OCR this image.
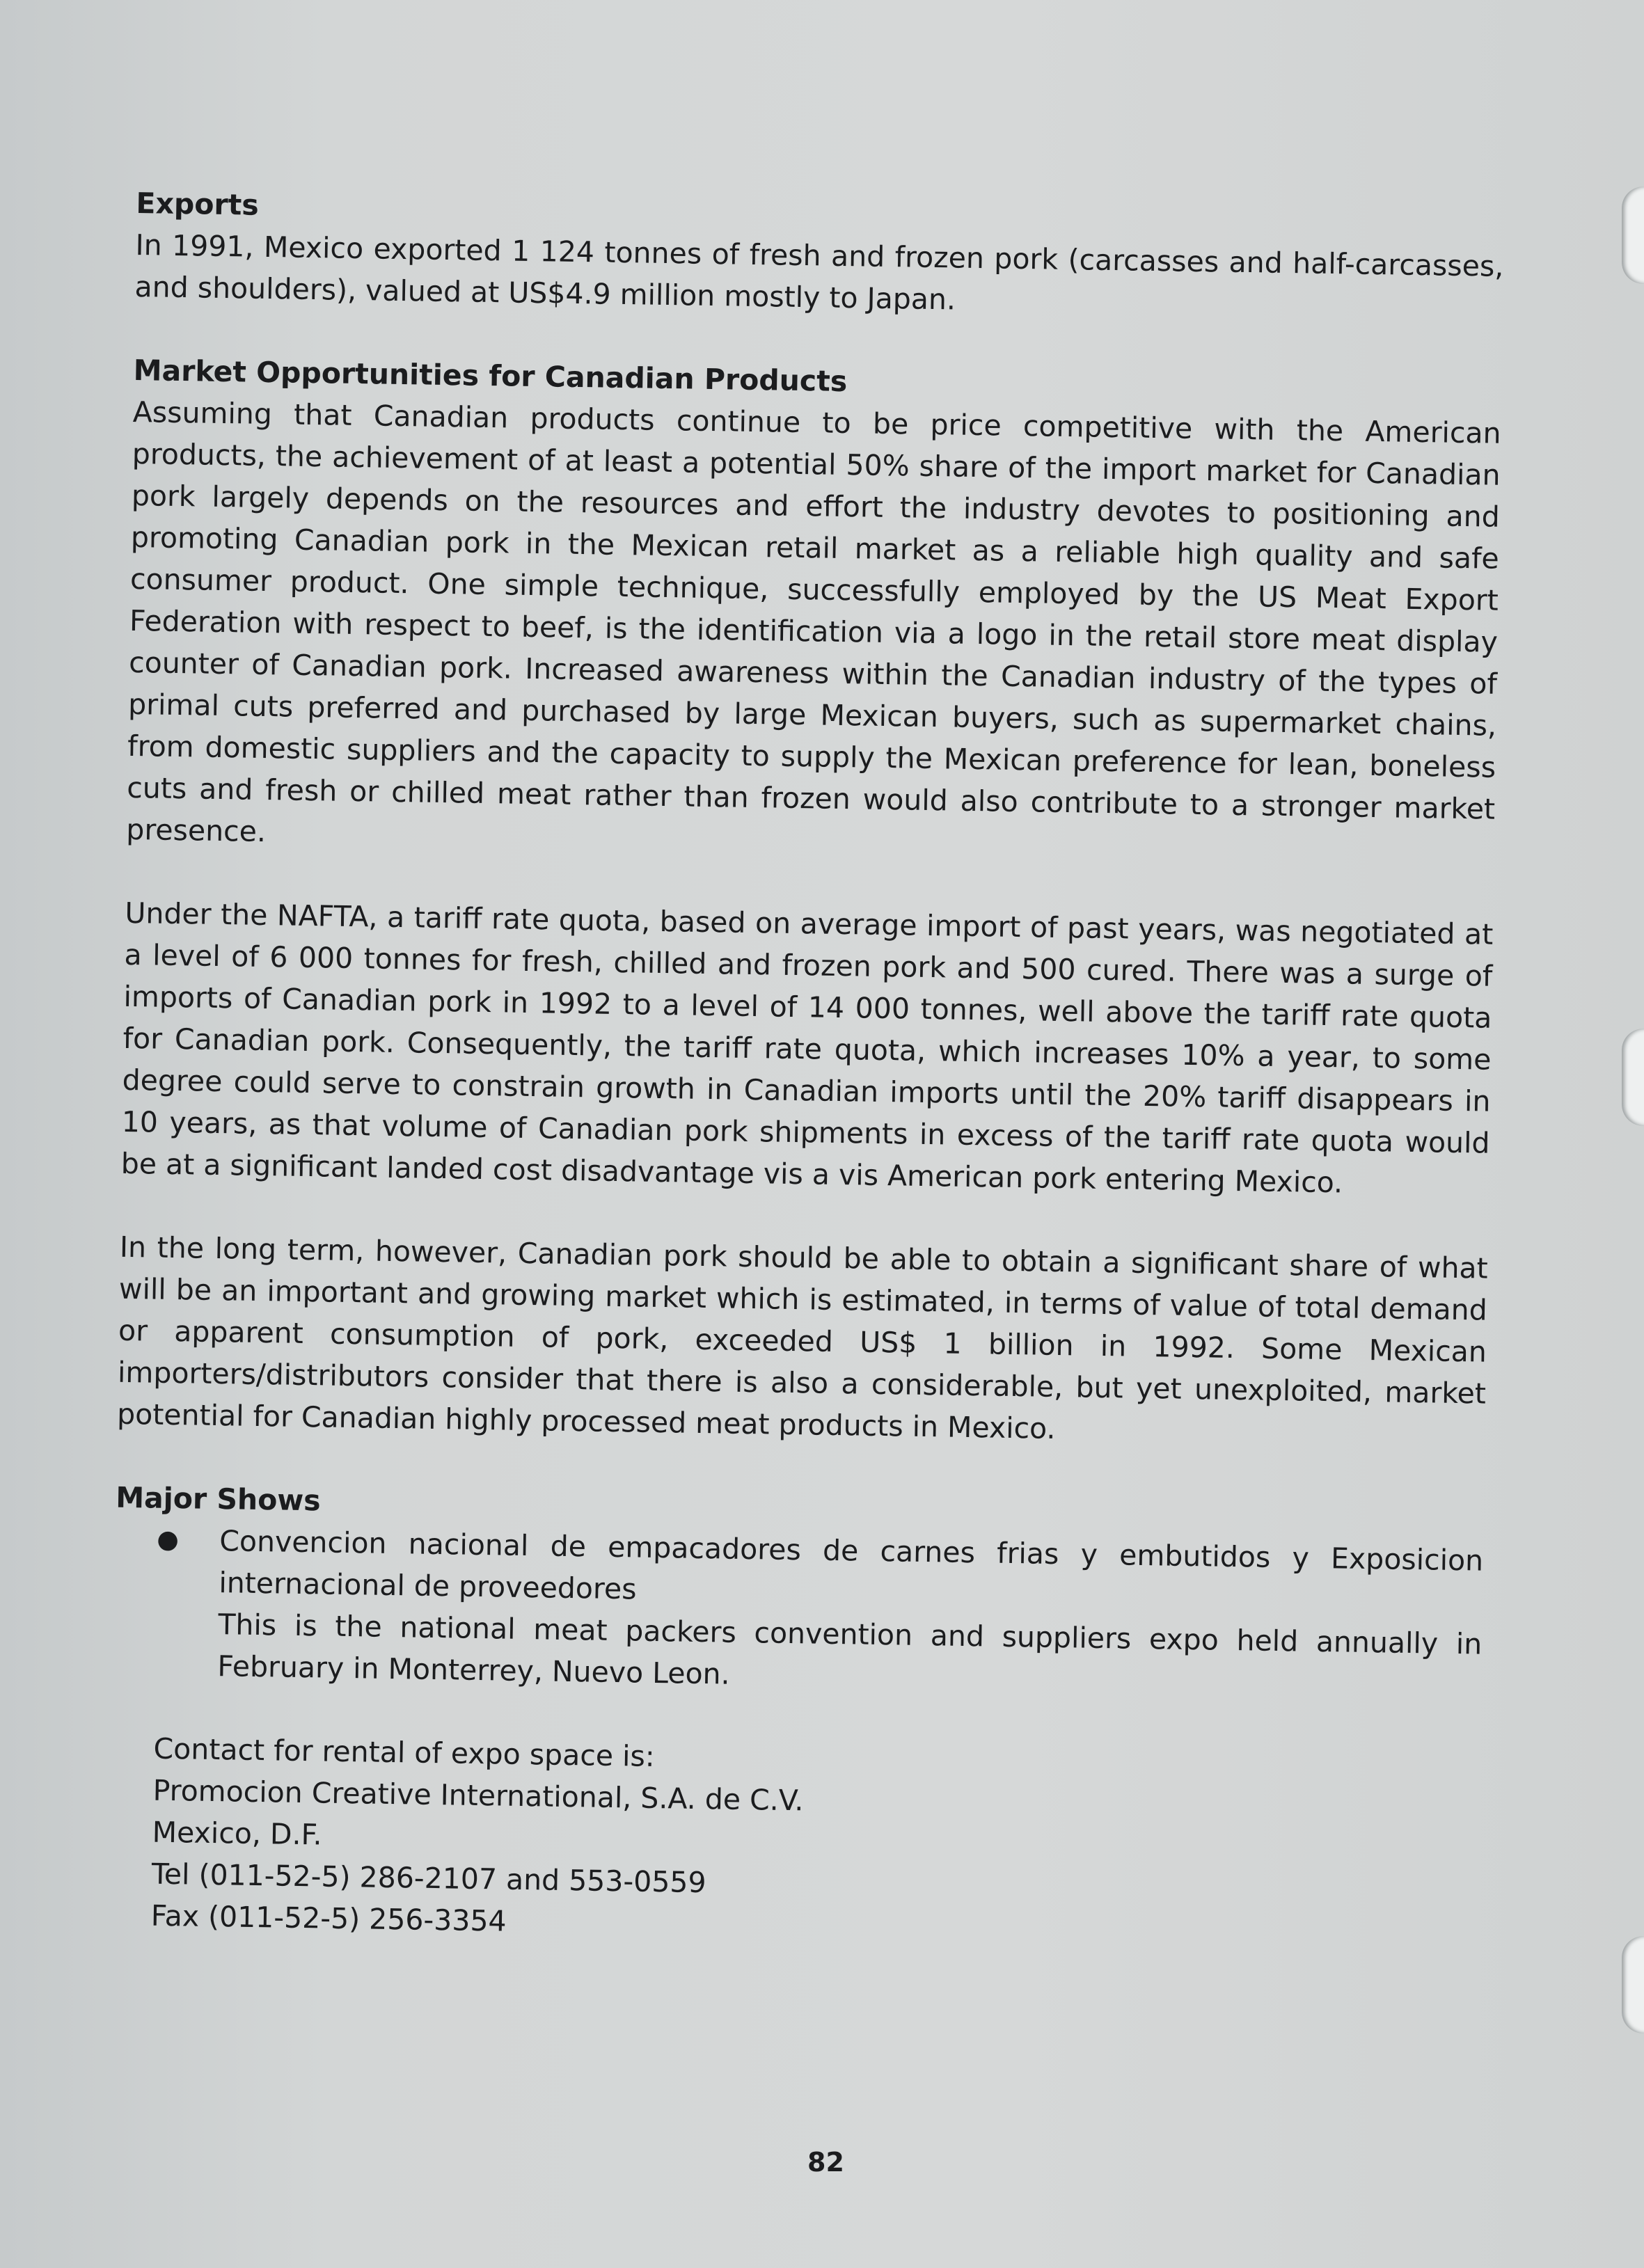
Exports

In 1991, Mexico exported 1 124 tonnes of fresh and frozen pork (carcasses and half-carcasses, and shoulders), valued at US$4.9 million mostly to Japan.

Market Opportunities for Canadian Products

Assuming that Canadian products continue to be price competitive with the American products, the achievement of at least a potential 50% share of the import market for Canadian pork largely depends on the resources and effort the industry devotes to positioning and promoting Canadian pork in the Mexican retail market as a reliable high quality and safe consumer product. One simple technique, successfully employed by the US Meat Export Federation with respect to beef, is the identification via a logo in the retail store meat display counter of Canadian pork. Increased awareness within the Canadian industry of the types of primal cuts preferred and purchased by large Mexican buyers, such as supermarket chains, from domestic suppliers and the capacity to supply the Mexican preference for lean, boneless cuts and fresh or chilled meat rather than frozen would also contribute to a stronger market presence.

Under the NAFTA, a tariff rate quota, based on average import of past years, was negotiated at a level of 6 000 tonnes for fresh, chilled and frozen pork and 500 cured. There was a surge of imports of Canadian pork in 1992 to a level of 14 000 tonnes, well above the tariff rate quota for Canadian pork. Consequently, the tariff rate quota, which increases 10% a year, to some degree could serve to constrain growth in Canadian imports until the 20% tariff disappears in 10 years, as that volume of Canadian pork shipments in excess of the tariff rate quota would be at a significant landed cost disadvantage vis a vis American pork entering Mexico.

In the long term, however, Canadian pork should be able to obtain a significant share of what will be an important and growing market which is estimated, in terms of value of total demand or apparent consumption of pork, exceeded US$ 1 billion in 1992. Some Mexican importers/distributors consider that there is also a considerable, but yet unexploited, market potential for Canadian highly processed meat products in Mexico.

Major Shows
●	Convencion nacional de empacadores de carnes frias y embutidos y Exposicion internacional de proveedores

This is the national meat packers convention and suppliers expo held annually in February in Monterrey, Nuevo Leon.

Contact for rental of expo space is:
Promocion Creative International, S.A. de C.V.
Mexico, D.F.
Tel (011-52-5) 286-2107 and 553-0559
Fax (011-52-5) 256-3354
82
